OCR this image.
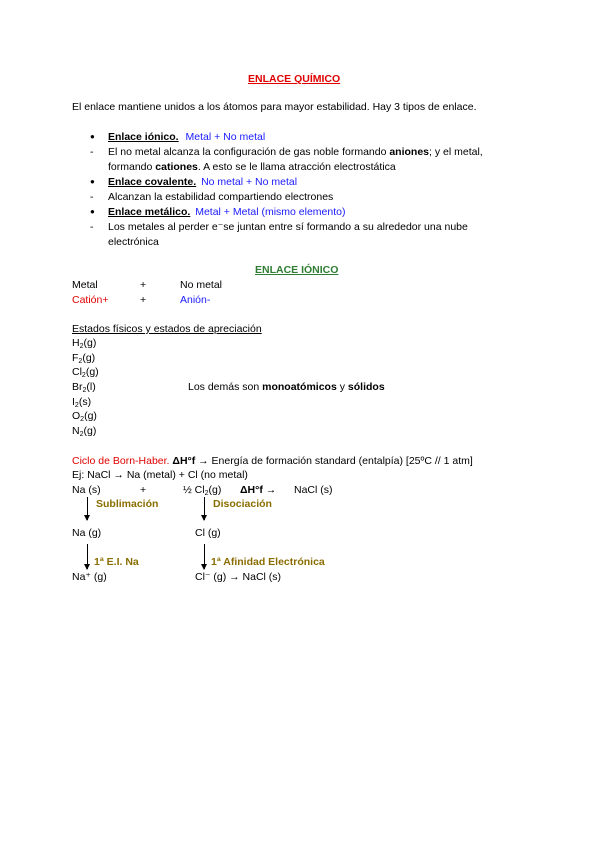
ENLACE QUÍMICO
El enlace mantiene unidos a los átomos para mayor estabilidad. Hay 3 tipos de enlace.
● Enlace iónico. Metal + No metal
- El no metal alcanza la configuración de gas noble formando aniones; y el metal,
formando cationes. A esto se le llama atracción electrostática
● Enlace covalente. No metal + No metal
- Alcanzan la estabilidad compartiendo electrones
● Enlace metálico. Metal + Metal (mismo elemento)
- Los metales al perder e⁻se juntan entre sí formando a su alrededor una nube
electrónica
ENLACE IÓNICO
Metal	+	No metal
Catión+	+	Anión-
Estados físicos y estados de apreciación
$H_2(g)$
$F_2(g)$
$Cl_2(g)$
$Br_2(l)$
$I_2(s)$
$O_2(g)$
$N_2(g)$
Los demás son monoatómicos y sólidos
Ciclo de Born-Haber. ΔH°f → Energía de formación standard (entalpía) [25ºC // 1 atm]
Ej: NaCl → Na (metal) + Cl (no metal)
Na (s)	+	½ $Cl_2(g) \Delta H^\circ f$ → NaCl (s)
Sublimación	Disociación
Na (g)	Cl (g)
1ª E.I. Na	1ª Afinidad Electrónica
Na⁺ (g)	Cl⁻ (g) → NaCl (s)
